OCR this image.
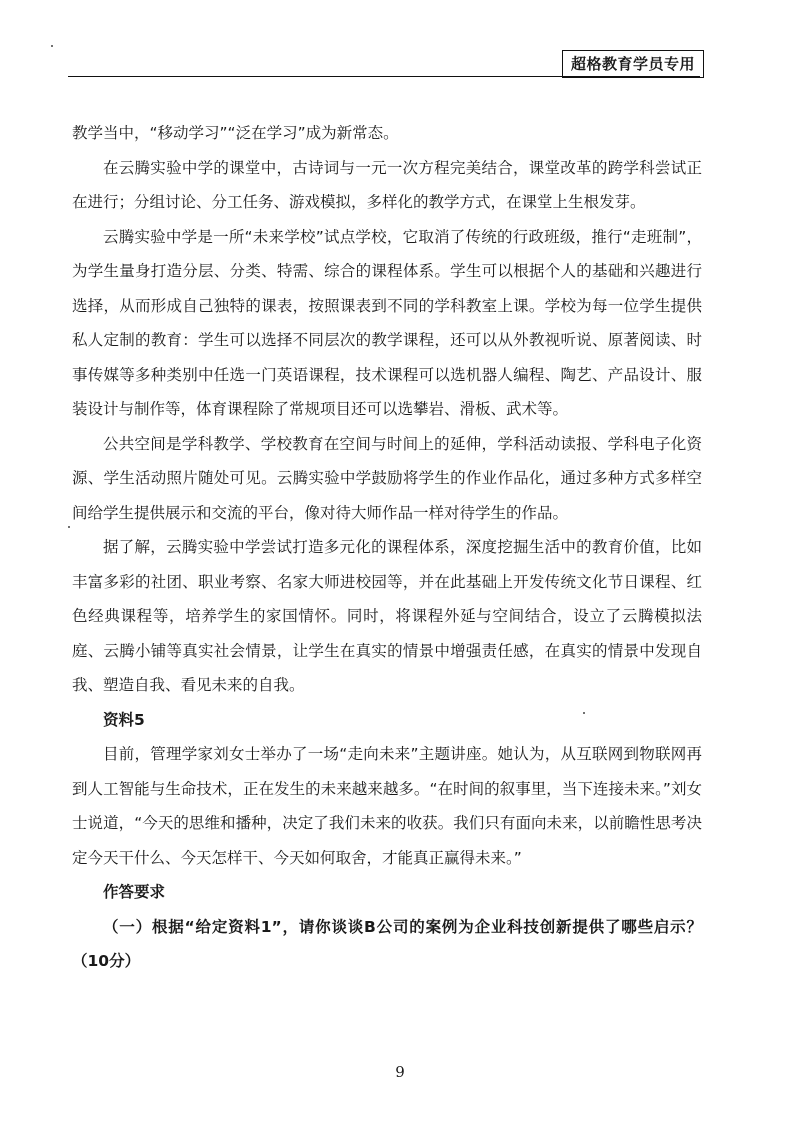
超格教育学员专用

教学当中，“移动学习”“泛在学习”成为新常态。

在云腾实验中学的课堂中，古诗词与一元一次方程完美结合，课堂改革的跨学科尝试正在进行；分组讨论、分工任务、游戏模拟，多样化的教学方式，在课堂上生根发芽。

云腾实验中学是一所“未来学校”试点学校，它取消了传统的行政班级，推行“走班制”，为学生量身打造分层、分类、特需、综合的课程体系。学生可以根据个人的基础和兴趣进行选择，从而形成自己独特的课表，按照课表到不同的学科教室上课。学校为每一位学生提供私人定制的教育：学生可以选择不同层次的教学课程，还可以从外教视听说、原著阅读、时事传媒等多种类别中任选一门英语课程，技术课程可以选机器人编程、陶艺、产品设计、服装设计与制作等，体育课程除了常规项目还可以选攀岩、滑板、武术等。

公共空间是学科教学、学校教育在空间与时间上的延伸，学科活动读报、学科电子化资源、学生活动照片随处可见。云腾实验中学鼓励将学生的作业作品化，通过多种方式多样空间给学生提供展示和交流的平台，像对待大师作品一样对待学生的作品。

据了解，云腾实验中学尝试打造多元化的课程体系，深度挖掘生活中的教育价值，比如丰富多彩的社团、职业考察、名家大师进校园等，并在此基础上开发传统文化节日课程、红色经典课程等，培养学生的家国情怀。同时，将课程外延与空间结合，设立了云腾模拟法庭、云腾小铺等真实社会情景，让学生在真实的情景中增强责任感，在真实的情景中发现自我、塑造自我、看见未来的自我。

资料5

目前，管理学家刘女士举办了一场“走向未来”主题讲座。她认为，从互联网到物联网再到人工智能与生命技术，正在发生的未来越来越多。“在时间的叙事里，当下连接未来。”刘女士说道，“今天的思维和播种，决定了我们未来的收获。我们只有面向未来，以前瞻性思考决定今天干什么、今天怎样干、今天如何取舍，才能真正赢得未来。”

作答要求

（一）根据“给定资料1”，请你谈谈B公司的案例为企业科技创新提供了哪些启示？（10分）

9
